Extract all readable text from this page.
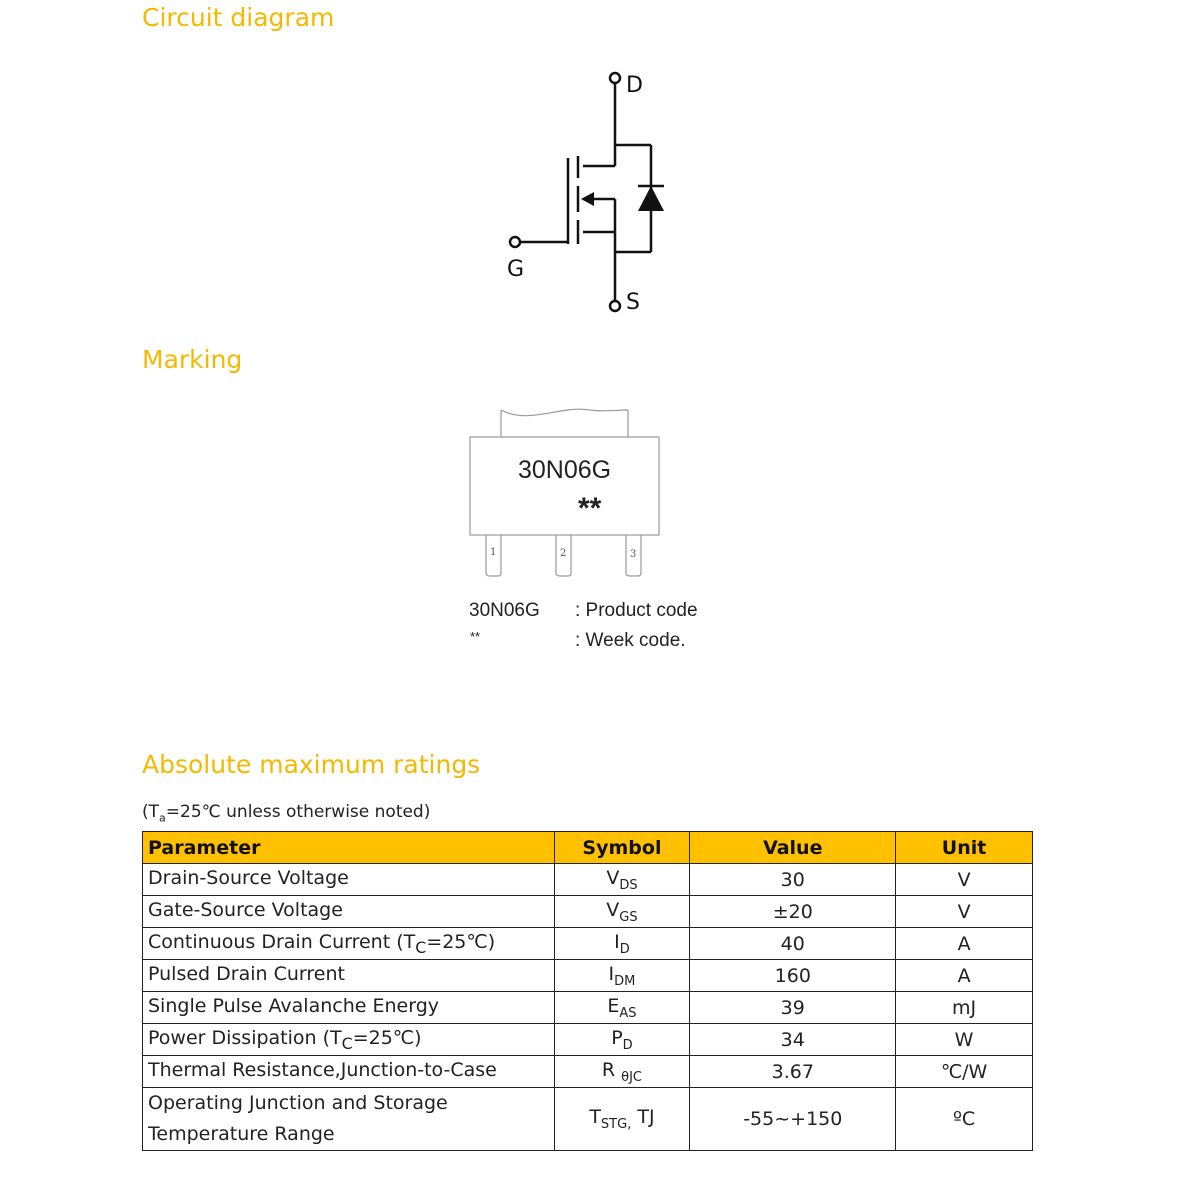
Circuit diagram
D
G
S
Marking
30N06G
**
1	2	3
30N06G : Product code
**	: Week code.
Absolute maximum ratings
($T_a=25℃$ unless otherwise noted)
Parameter	Symbol	Value	Unit
Drain-Source Voltage	$V_{DS}$	30	V
Gate-Source Voltage	$V_{GS}$	±20	V
Continuous Drain Current $(T_C=25℃)$	$I_D$	40	A
Pulsed Drain Current	$I_{DM}$	160	A
Single Pulse Avalanche Energy	$E_{AS}$	39	mJ
Power Dissipation $(T_C=25℃)$	$P_D$	34	W
Thermal Resistance,Junction-to-Case	R $_{\theta JC}$	3.67	℃/W
Operating Junction and Storage
Temperature Range	$T_{STG,}$ TJ	-55~+150	ºC
